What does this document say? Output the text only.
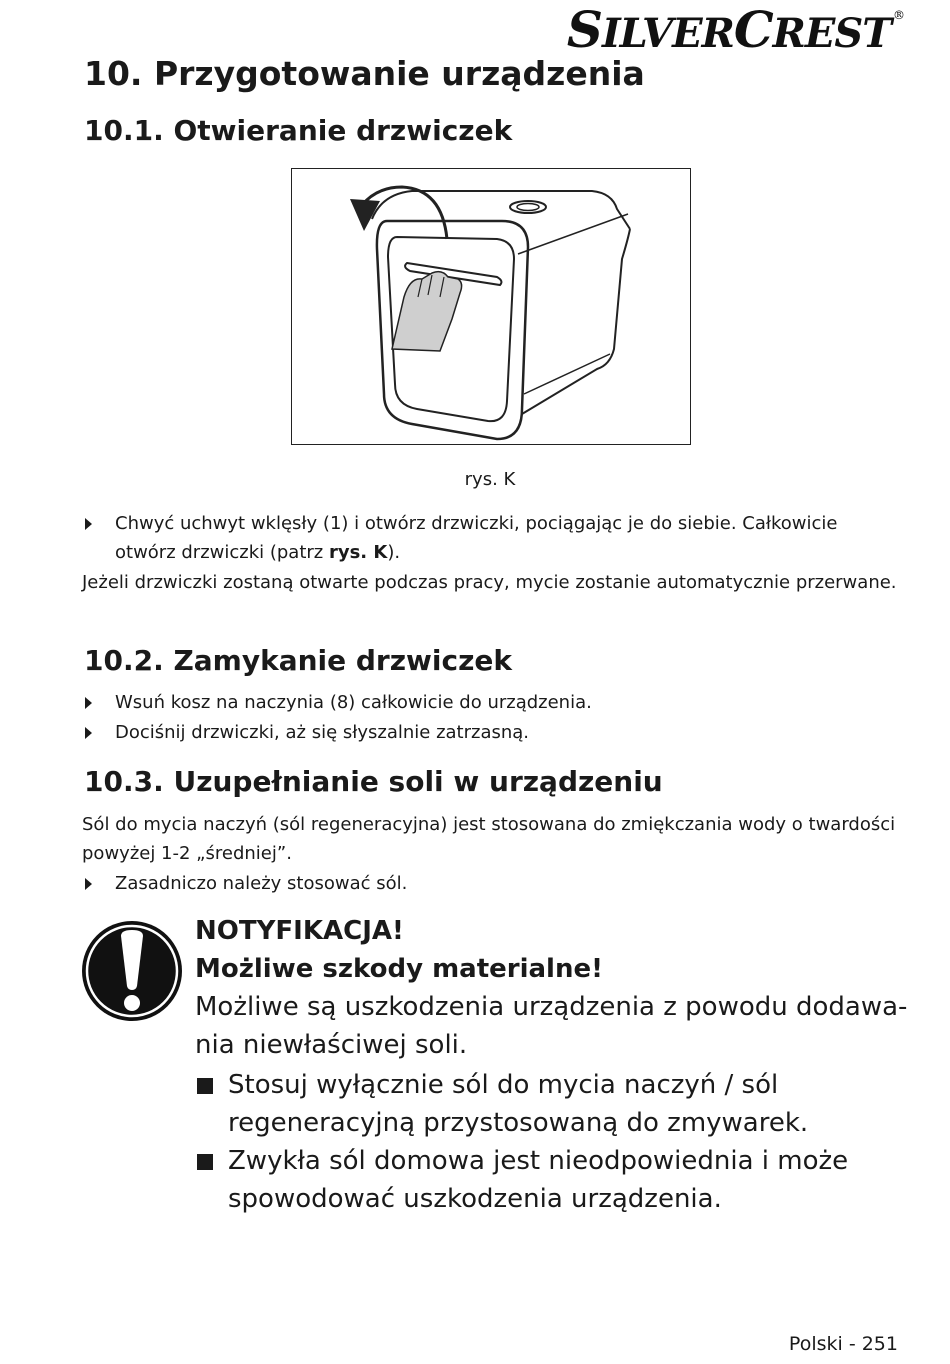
SILVERCREST ®
10. Przygotowanie urządzenia
10.1. Otwieranie drzwiczek
rys. K
Chwyć uchwyt wklęsły (1) i otwórz drzwiczki, pociągając je do siebie. Całkowicie otwórz drzwiczki (patrz rys. K).
Jeżeli drzwiczki zostaną otwarte podczas pracy, mycie zostanie automatycznie przerwane.
10.2. Zamykanie drzwiczek
Wsuń kosz na naczynia (8) całkowicie do urządzenia.
Dociśnij drzwiczki, aż się słyszalnie zatrzasną.
10.3. Uzupełnianie soli w urządzeniu
Sól do mycia naczyń (sól regeneracyjna) jest stosowana do zmiękczania wody o twardości powyżej 1-2 „średniej”.
Zasadniczo należy stosować sól.
NOTYFIKACJA!
Możliwe szkody materialne!
Możliwe są uszkodzenia urządzenia z powodu dodawania niewłaściwej soli.
Stosuj wyłącznie sól do mycia naczyń / sól regeneracyjną przystosowaną do zmywarek.
Zwykła sól domowa jest nieodpowiednia i może spowodować uszkodzenia urządzenia.
Polski - 251
